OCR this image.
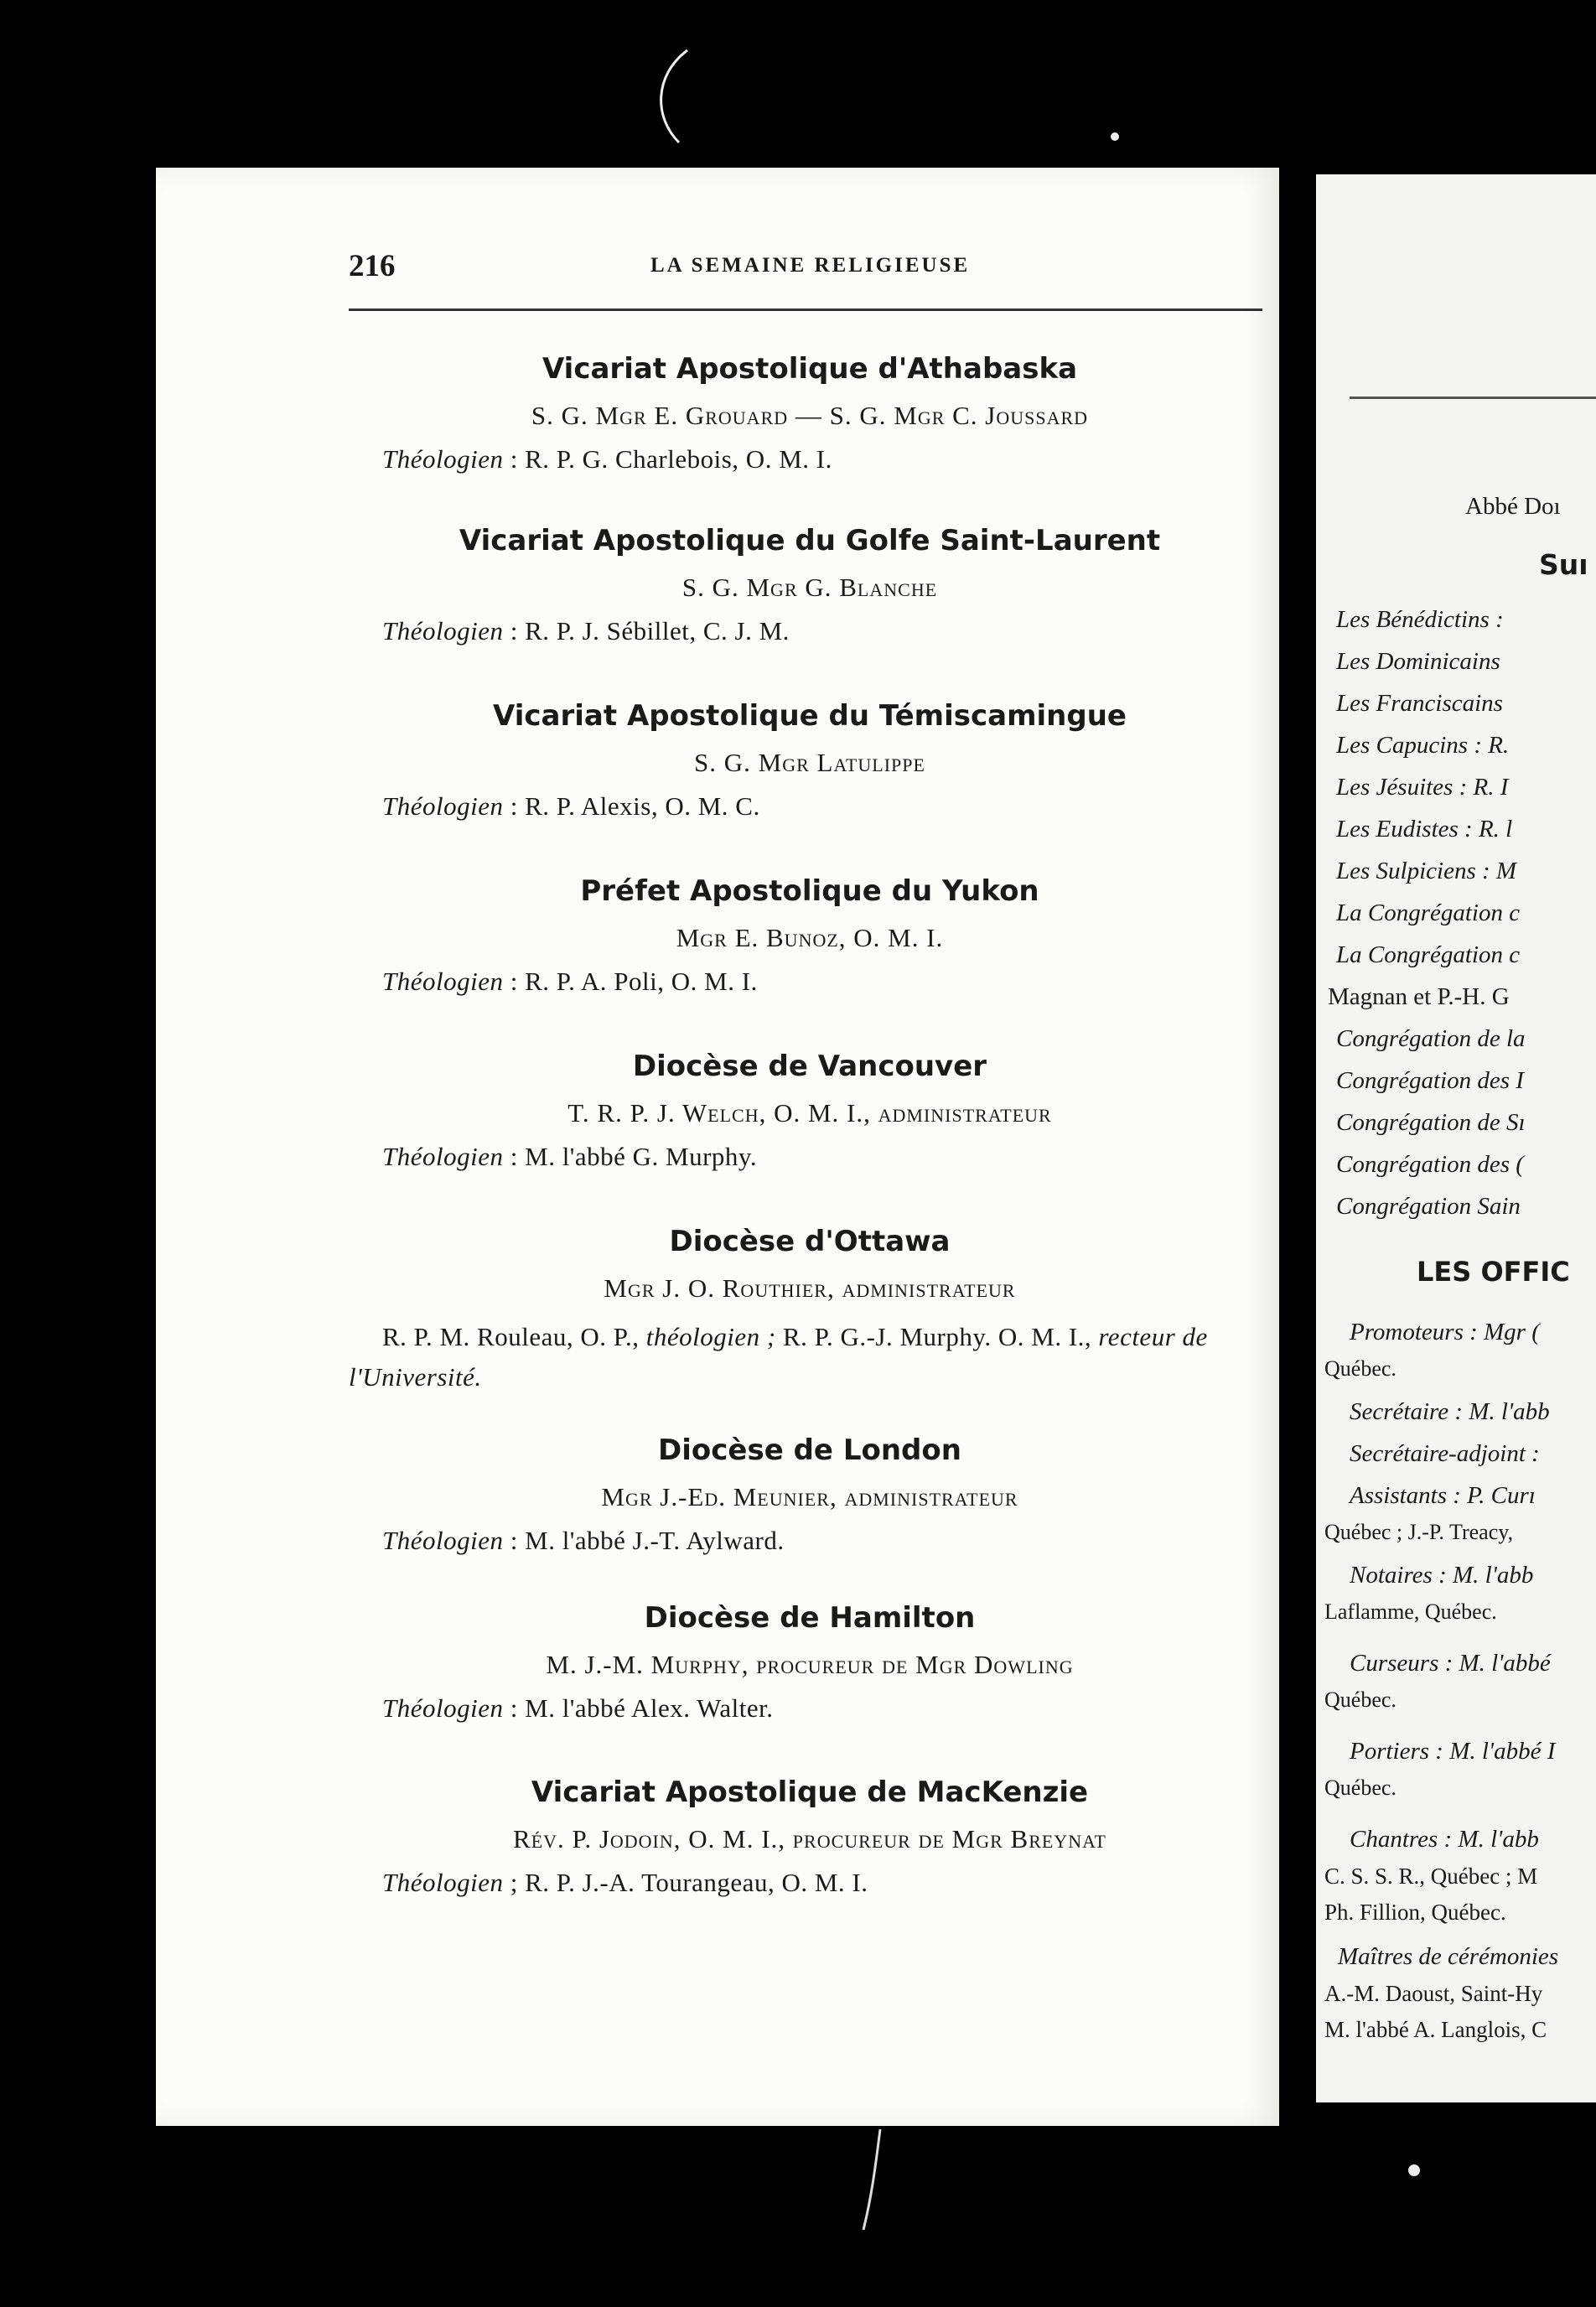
216	LA SEMAINE RELIGIEUSE
Vicariat Apostolique d'Athabaska
S. G. Mgr E. Grouard — S. G. Mgr C. Joussard
Théologien : R. P. G. Charlebois, O. M. I.
Vicariat Apostolique du Golfe Saint-Laurent
S. G. Mgr G. Blanche
Théologien : R. P. J. Sébillet, C. J. M.
Vicariat Apostolique du Témiscamingue
S. G. Mgr Latulippe
Théologien : R. P. Alexis, O. M. C.
Préfet Apostolique du Yukon
Mgr E. Bunoz, O. M. I.
Théologien : R. P. A. Poli, O. M. I.
Diocèse de Vancouver
T. R. P. J. Welch, O. M. I., administrateur
Théologien : M. l'abbé G. Murphy.
Diocèse d'Ottawa
Mgr J. O. Routhier, administrateur
R. P. M. Rouleau, O. P., théologien ; R. P. G.-J. Murphy. O. M. I., recteur de l'Université.
Diocèse de London
Mgr J.-Ed. Meunier, administrateur
Théologien : M. l'abbé J.-T. Aylward.
Diocèse de Hamilton
M. J.-M. Murphy, procureur de Mgr Dowling
Théologien : M. l'abbé Alex. Walter.
Vicariat Apostolique de MacKenzie
Rév. P. Jodoin, O. M. I., procureur de Mgr Breynat
Théologien ; R. P. J.-A. Tourangeau, O. M. I.
Abbé Doı
Suı
Les Bénédictins :
Les Dominicains
Les Franciscains
Les Capucins : R.
Les Jésuites : R. I
Les Eudistes : R. l
Les Sulpiciens : M
La Congrégation c
La Congrégation c
Magnan et P.-H. G
Congrégation de la
Congrégation des I
Congrégation de Sı
Congrégation des (
Congrégation Sain
LES OFFIC
Promoteurs : Mgr (
Québec.
Secrétaire : M. l'abb
Secrétaire-adjoint :
Assistants : P. Curı
Québec ; J.-P. Treacy,
Notaires : M. l'abb
Laflamme, Québec.
Curseurs : M. l'abbé
Québec.
Portiers : M. l'abbé I
Québec.
Chantres : M. l'abb
C. S. S. R., Québec ; M
Ph. Fillion, Québec.
Maîtres de cérémonies
A.-M. Daoust, Saint-Hy
M. l'abbé A. Langlois, C
